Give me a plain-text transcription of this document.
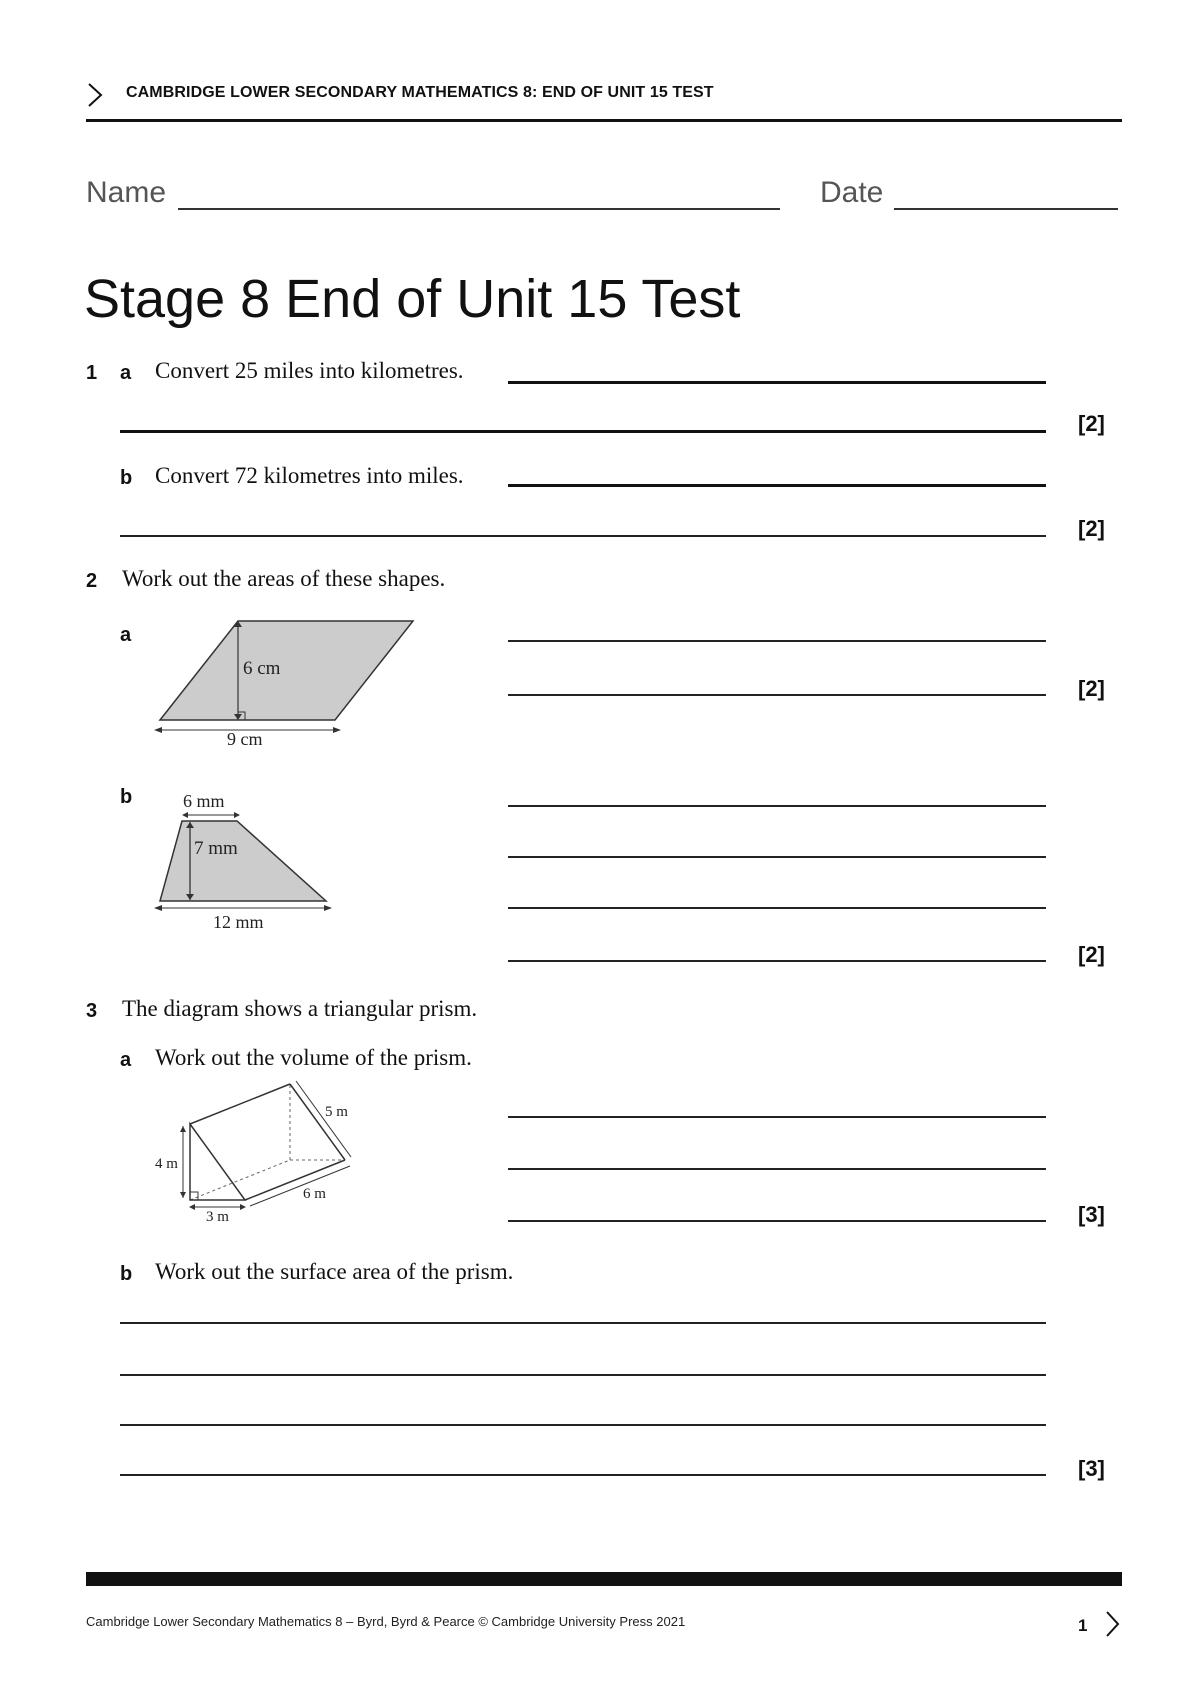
CAMBRIDGE LOWER SECONDARY MATHEMATICS 8: END OF UNIT 15 TEST
Name	Date
Stage 8 End of Unit 15 Test
1 a Convert 25 miles into kilometres.
[2]
b Convert 72 kilometres into miles.
[2]
2 Work out the areas of these shapes.
a
6 cm
9 cm
[2]
b	6 mm
7 mm
12 mm
[2]
3 The diagram shows a triangular prism.
a Work out the volume of the prism.
4 m
3 m
6 m
5 m
[3]
b Work out the surface area of the prism.
[3]
Cambridge Lower Secondary Mathematics 8 – Byrd, Byrd & Pearce © Cambridge University Press 2021	1
